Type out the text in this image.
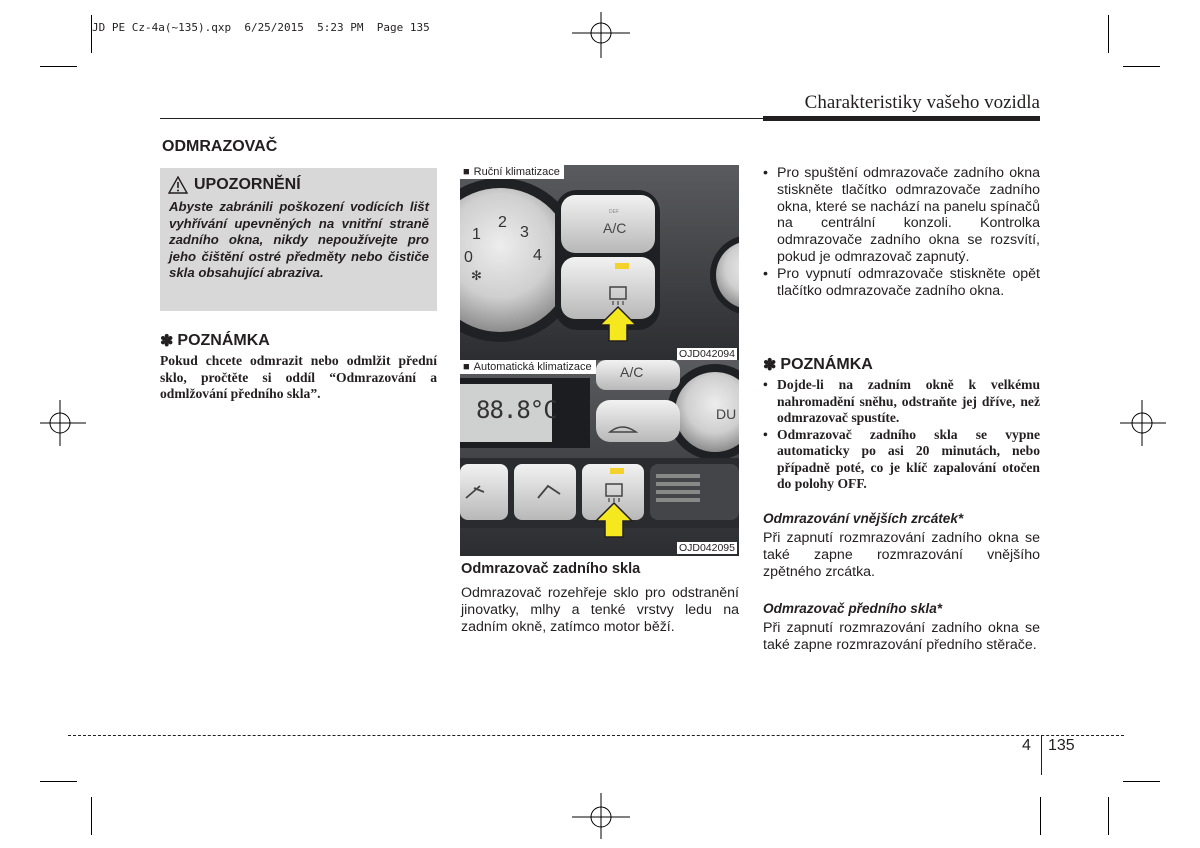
JD PE Cz-4a(~135).qxp  6/25/2015  5:23 PM  Page 135
Charakteristiky vašeho vozidla
ODMRAZOVAČ
UPOZORNĚNÍ
Abyste zabránili poškození vodících lišt vyhřívání upevněných na vnitřní straně zadního okna, nikdy nepoužívejte pro jeho čištění ostré předměty nebo čističe skla obsahující abraziva.
✽ POZNÁMKA
Pokud chcete odmrazit nebo odmlžit přední sklo, pročtěte si oddíl “Odmrazování a odmlžování předního skla”.
DEF
1
2
3
4
0
✻
A/C
■ Ruční klimatizace
OJD042094
88.8°C
A/C
DU
■ Automatická klimatizace
OJD042095
Odmrazovač zadního skla
Odmrazovač rozehřeje sklo pro odstranění jinovatky, mlhy a tenké vrstvy ledu na zadním okně, zatímco motor běží.
• Pro spuštění odmrazovače zadního okna stiskněte tlačítko odmrazovače zadního okna, které se nachází na panelu spínačů na centrální konzoli. Kontrolka odmrazovače zadního okna se rozsvítí, pokud je odmrazovač zapnutý.
• Pro vypnutí odmrazovače stiskněte opět tlačítko odmrazovače zadního okna.
✽ POZNÁMKA
• Dojde-li na zadním okně k velkému nahromadění sněhu, odstraňte jej dříve, než odmrazovač spustíte.
• Odmrazovač zadního skla se vypne automaticky po asi 20 minutách, nebo případně poté, co je klíč zapalování otočen do polohy OFF.
Odmrazování vnějších zrcátek*
Při zapnutí rozmrazování zadního okna se také zapne rozmrazování vnějšího zpětného zrcátka.
Odmrazovač předního skla*
Při zapnutí rozmrazování zadního okna se také zapne rozmrazování předního stěrače.
4 135
